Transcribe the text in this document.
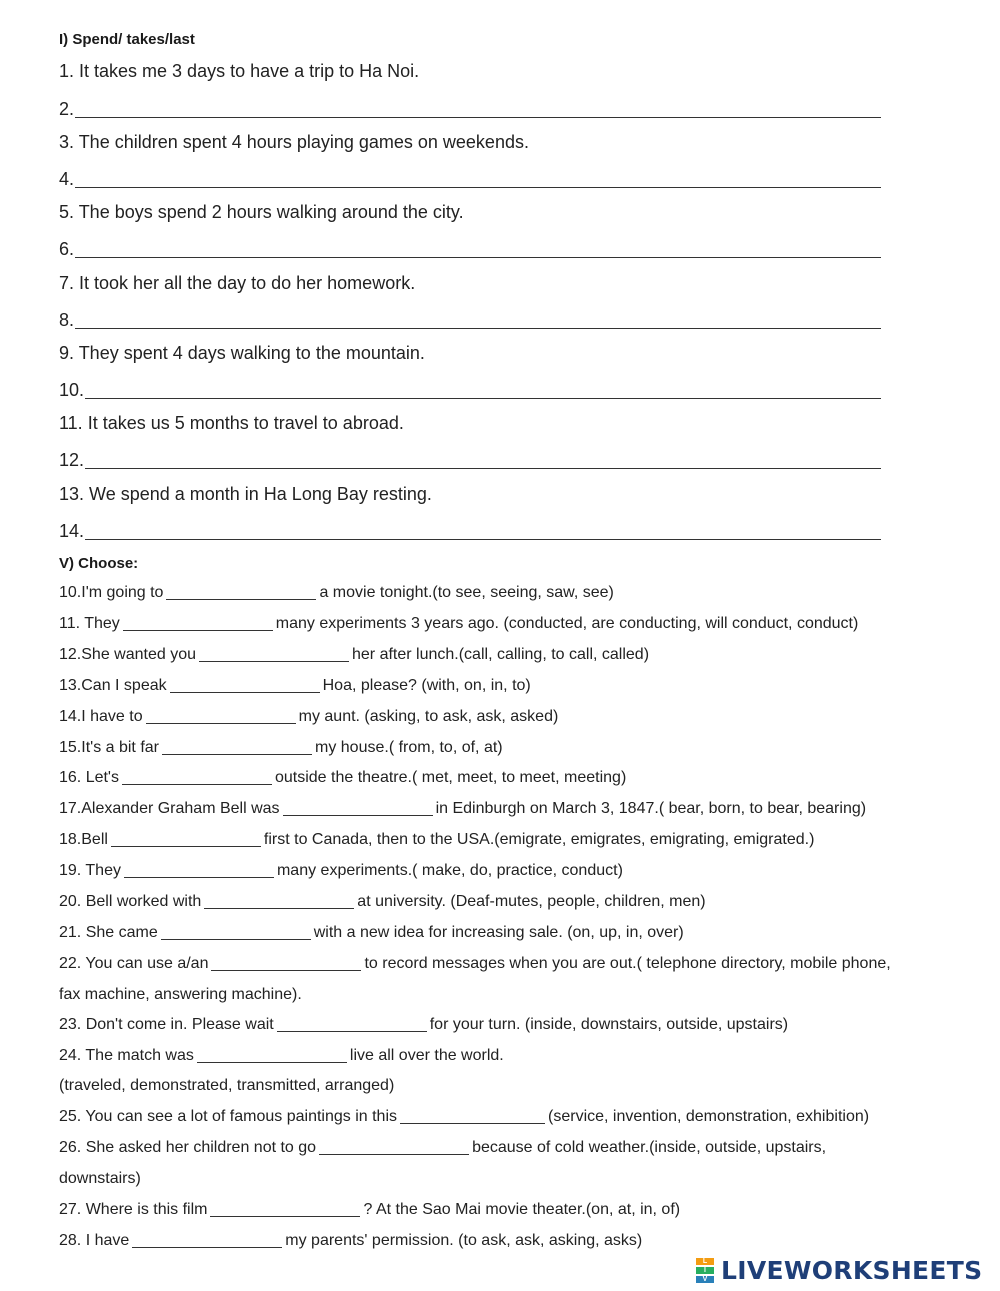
I) Spend/ takes/last
1. It takes me 3 days to have a trip to Ha Noi.
2.
3. The children spent 4 hours playing games on weekends.
4.
5. The boys spend 2 hours walking around the city.
6.
7. It took her all the day to do her homework.
8.
9. They spent 4 days walking to the mountain.
10.
11. It takes us 5 months to travel to abroad.
12.
13. We spend a month in Ha Long Bay resting.
14.
V) Choose:
10.I'm going to	a movie tonight.(to see, seeing, saw, see)
11. They	many experiments 3 years ago. (conducted, are conducting, will conduct, conduct)
12.She wanted you	her after lunch.(call, calling, to call, called)
13.Can I speak	Hoa, please? (with, on, in, to)
14.I have to	my aunt. (asking, to ask, ask, asked)
15.It's a bit far	my house.( from, to, of, at)
16. Let's	outside the theatre.( met, meet, to meet, meeting)
17.Alexander Graham Bell was	in Edinburgh on March 3, 1847.( bear, born, to bear, bearing)
18.Bell	first to Canada, then to the USA.(emigrate, emigrates, emigrating, emigrated.)
19. They	many experiments.( make, do, practice, conduct)
20. Bell worked with	at university. (Deaf-mutes, people, children, men)
21. She came	with a new idea for increasing sale. (on, up, in, over)
22. You can use a/an	to record messages when you are out.( telephone directory, mobile phone,
fax machine, answering machine).
23. Don't come in. Please wait	for your turn. (inside, downstairs, outside, upstairs)
24. The match was	live all over the world.
(traveled, demonstrated, transmitted, arranged)
25. You can see a lot of famous paintings in this	(service, invention, demonstration, exhibition)
26. She asked her children not to go	because of cold weather.(inside, outside, upstairs,
downstairs)
27. Where is this film	? At the Sao Mai movie theater.(on, at, in, of)
28. I have	my parents' permission. (to ask, ask, asking, asks)
L
I
V LIVEWORKSHEETS
